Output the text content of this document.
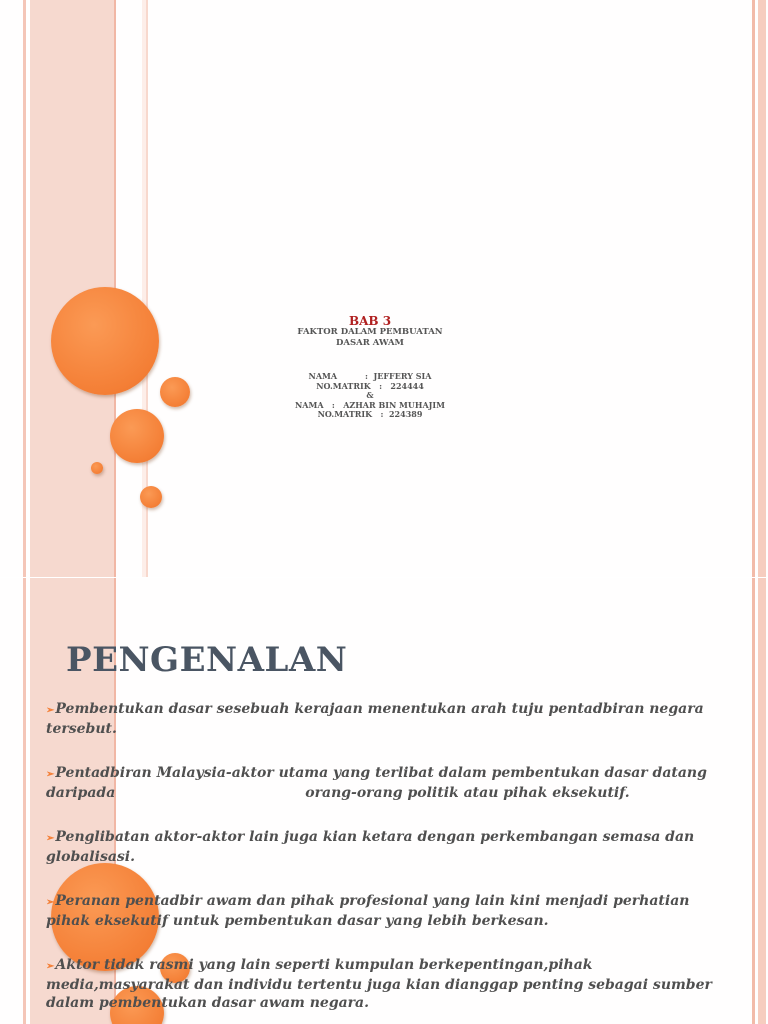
BAB 3
FAKTOR DALAM PEMBUATAN
DASAR AWAM
NAMA          :  JEFFERY SIA
NO.MATRIK   :   224444
&
NAMA   :   AZHAR BIN MUHAJIM
NO.MATRIK   :  224389
PENGENALAN
➢Pembentukan dasar sesebuah kerajaan menentukan arah tuju pentadbiran negara tersebut.
➢Pentadbiran Malaysia-aktor utama yang terlibat dalam pembentukan dasar datang daripada	orang-orang politik atau pihak eksekutif.
➢Penglibatan aktor-aktor lain juga kian ketara dengan perkembangan semasa dan globalisasi.
➢Peranan pentadbir awam dan pihak profesional yang lain kini menjadi perhatian pihak eksekutif untuk pembentukan dasar yang lebih berkesan.
➢Aktor tidak rasmi yang lain seperti kumpulan berkepentingan,pihak media,masyarakat dan individu tertentu juga kian dianggap penting sebagai sumber dalam pembentukan dasar awam negara.
